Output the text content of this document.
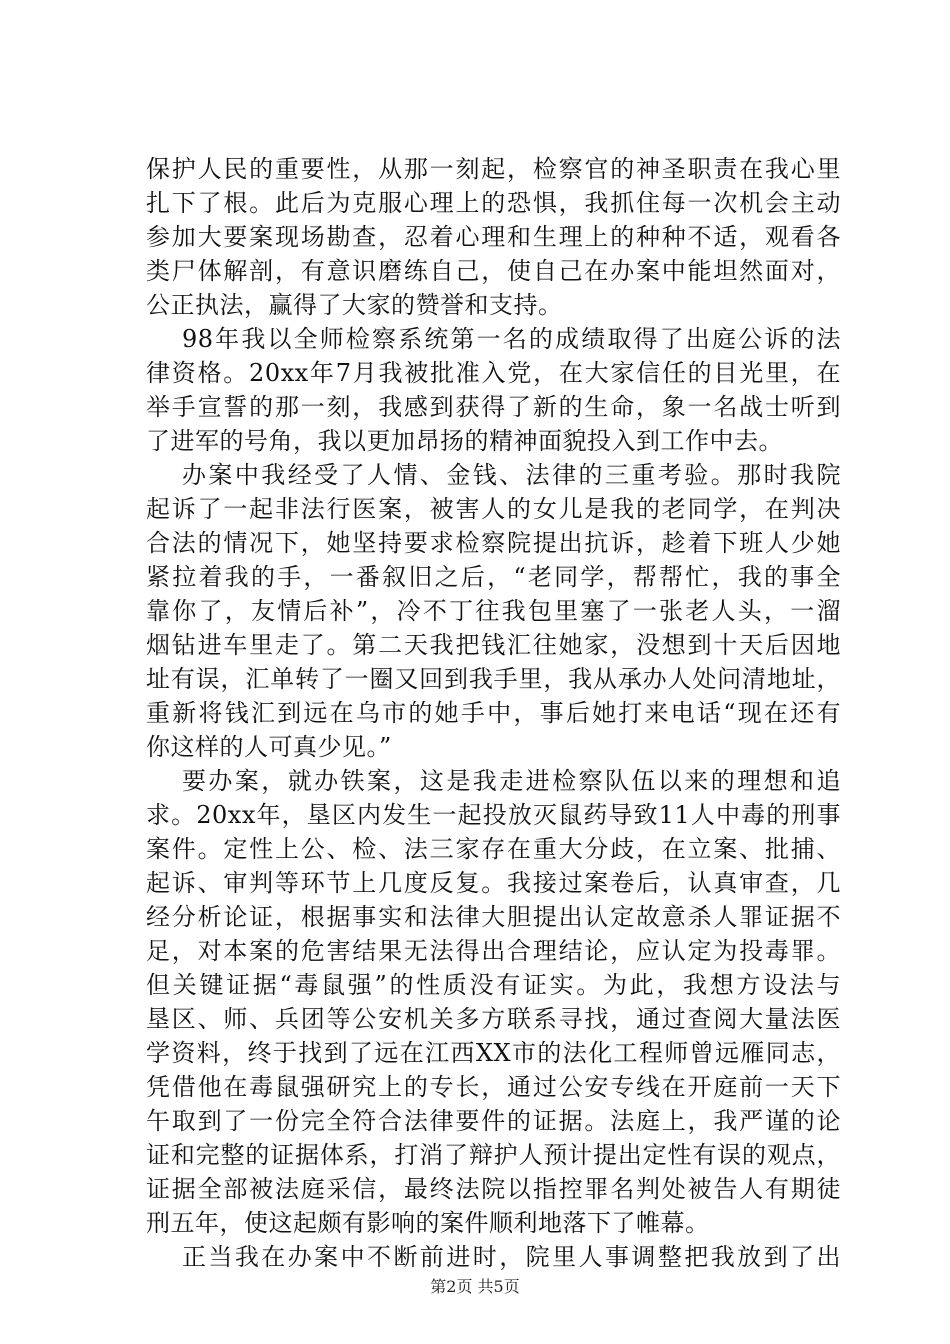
保护人民的重要性，从那一刻起，检察官的神圣职责在我心里
扎下了根。此后为克服心理上的恐惧，我抓住每一次机会主动
参加大要案现场勘查，忍着心理和生理上的种种不适，观看各
类尸体解剖，有意识磨练自己，使自己在办案中能坦然面对，
公正执法，赢得了大家的赞誉和支持。
98年我以全师检察系统第一名的成绩取得了出庭公诉的法
律资格。20xx年7月我被批准入党，在大家信任的目光里，在
举手宣誓的那一刻，我感到获得了新的生命，象一名战士听到
了进军的号角，我以更加昂扬的精神面貌投入到工作中去。
办案中我经受了人情、金钱、法律的三重考验。那时我院
起诉了一起非法行医案，被害人的女儿是我的老同学，在判决
合法的情况下，她坚持要求检察院提出抗诉，趁着下班人少她
紧拉着我的手，一番叙旧之后，“老同学，帮帮忙，我的事全
靠你了，友情后补”，冷不丁往我包里塞了一张老人头，一溜
烟钻进车里走了。第二天我把钱汇往她家，没想到十天后因地
址有误，汇单转了一圈又回到我手里，我从承办人处问清地址，
重新将钱汇到远在乌市的她手中，事后她打来电话“现在还有
你这样的人可真少见。”
要办案，就办铁案，这是我走进检察队伍以来的理想和追
求。20xx年，垦区内发生一起投放灭鼠药导致11人中毒的刑事
案件。定性上公、检、法三家存在重大分歧，在立案、批捕、
起诉、审判等环节上几度反复。我接过案卷后，认真审查，几
经分析论证，根据事实和法律大胆提出认定故意杀人罪证据不
足，对本案的危害结果无法得出合理结论，应认定为投毒罪。
但关键证据“毒鼠强”的性质没有证实。为此，我想方设法与
垦区、师、兵团等公安机关多方联系寻找，通过查阅大量法医
学资料，终于找到了远在江西XX市的法化工程师曾远雁同志，
凭借他在毒鼠强研究上的专长，通过公安专线在开庭前一天下
午取到了一份完全符合法律要件的证据。法庭上，我严谨的论
证和完整的证据体系，打消了辩护人预计提出定性有误的观点，
证据全部被法庭采信，最终法院以指控罪名判处被告人有期徒
刑五年，使这起颇有影响的案件顺利地落下了帷幕。
正当我在办案中不断前进时，院里人事调整把我放到了出
第2页 共5页
